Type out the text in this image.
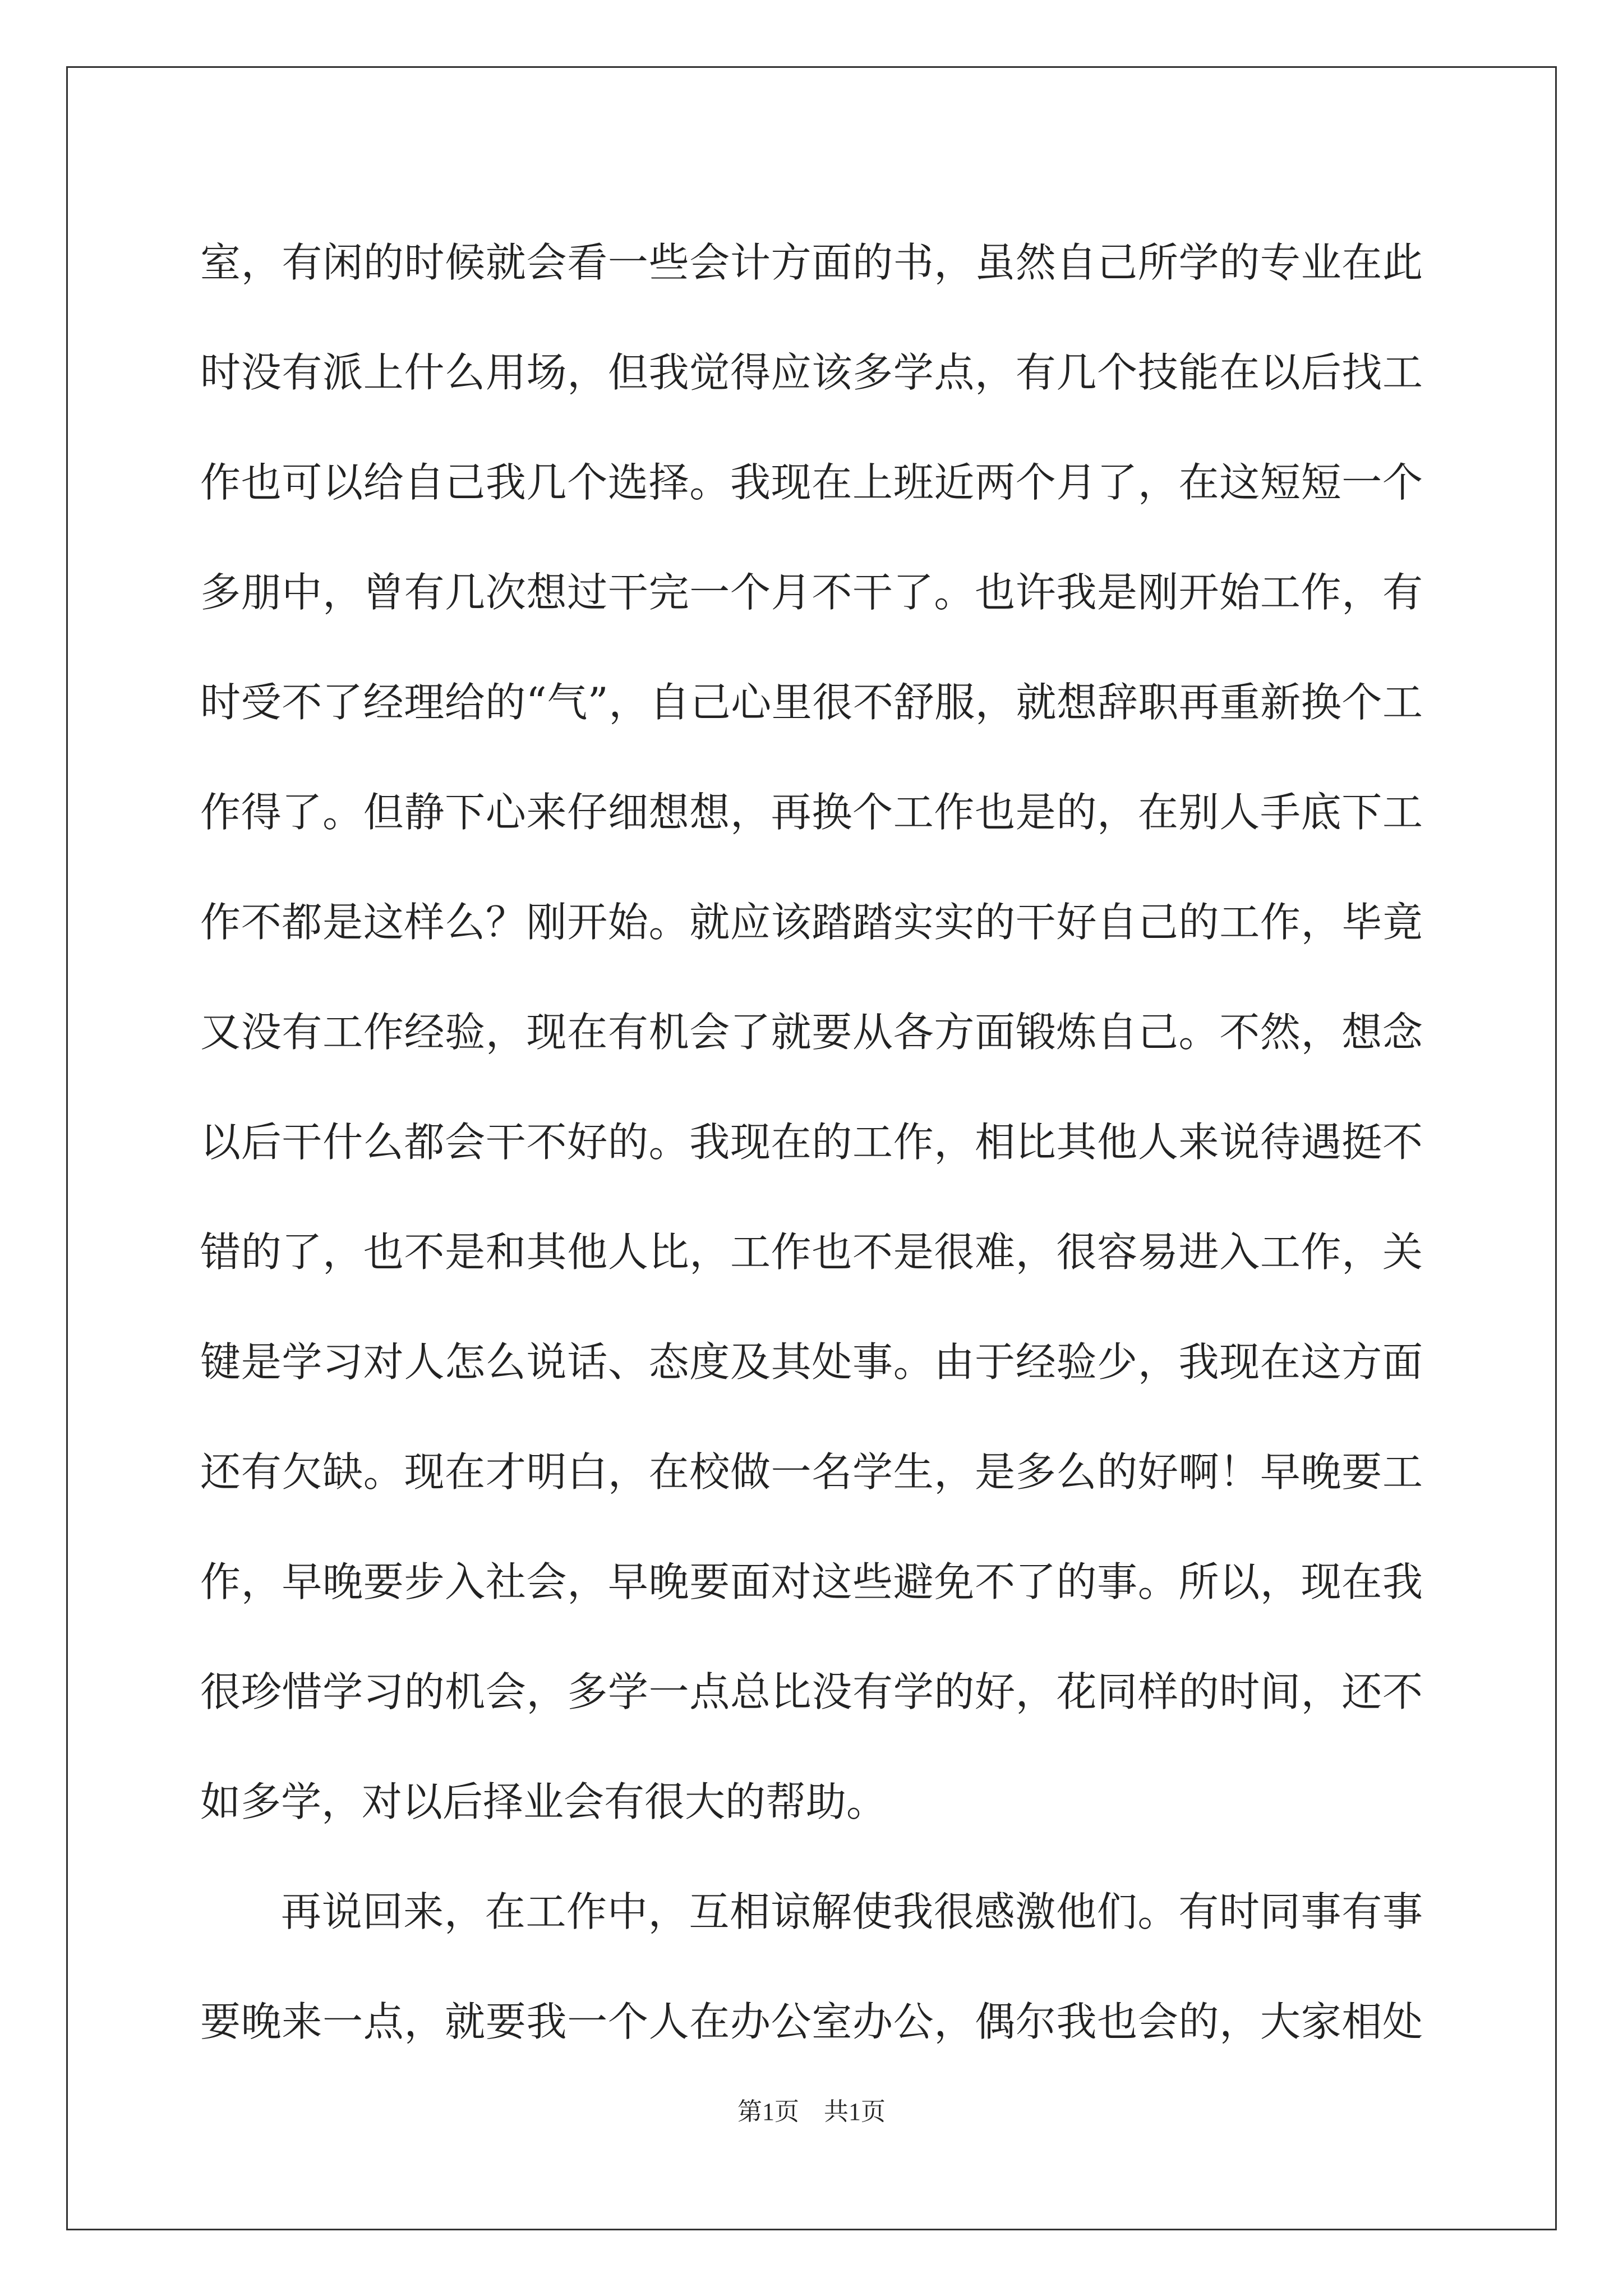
室，有闲的时候就会看一些会计方面的书，虽然自己所学的专业在此
时没有派上什么用场，但我觉得应该多学点，有几个技能在以后找工
作也可以给自己我几个选择。我现在上班近两个月了，在这短短一个
多朋中，曾有几次想过干完一个月不干了。也许我是刚开始工作，有
时受不了经理给的“气”，自己心里很不舒服，就想辞职再重新换个工
作得了。但静下心来仔细想想，再换个工作也是的，在别人手底下工
作不都是这样么？刚开始。就应该踏踏实实的干好自己的工作，毕竟
又没有工作经验，现在有机会了就要从各方面锻炼自己。不然，想念
以后干什么都会干不好的。我现在的工作，相比其他人来说待遇挺不
错的了，也不是和其他人比，工作也不是很难，很容易进入工作，关
键是学习对人怎么说话、态度及其处事。由于经验少，我现在这方面
还有欠缺。现在才明白，在校做一名学生，是多么的好啊！早晚要工
作，早晚要步入社会，早晚要面对这些避免不了的事。所以，现在我
很珍惜学习的机会，多学一点总比没有学的好，花同样的时间，还不
如多学，对以后择业会有很大的帮助。
再说回来，在工作中，互相谅解使我很感激他们。有时同事有事
要晚来一点，就要我一个人在办公室办公，偶尔我也会的，大家相处
第1页　共1页
